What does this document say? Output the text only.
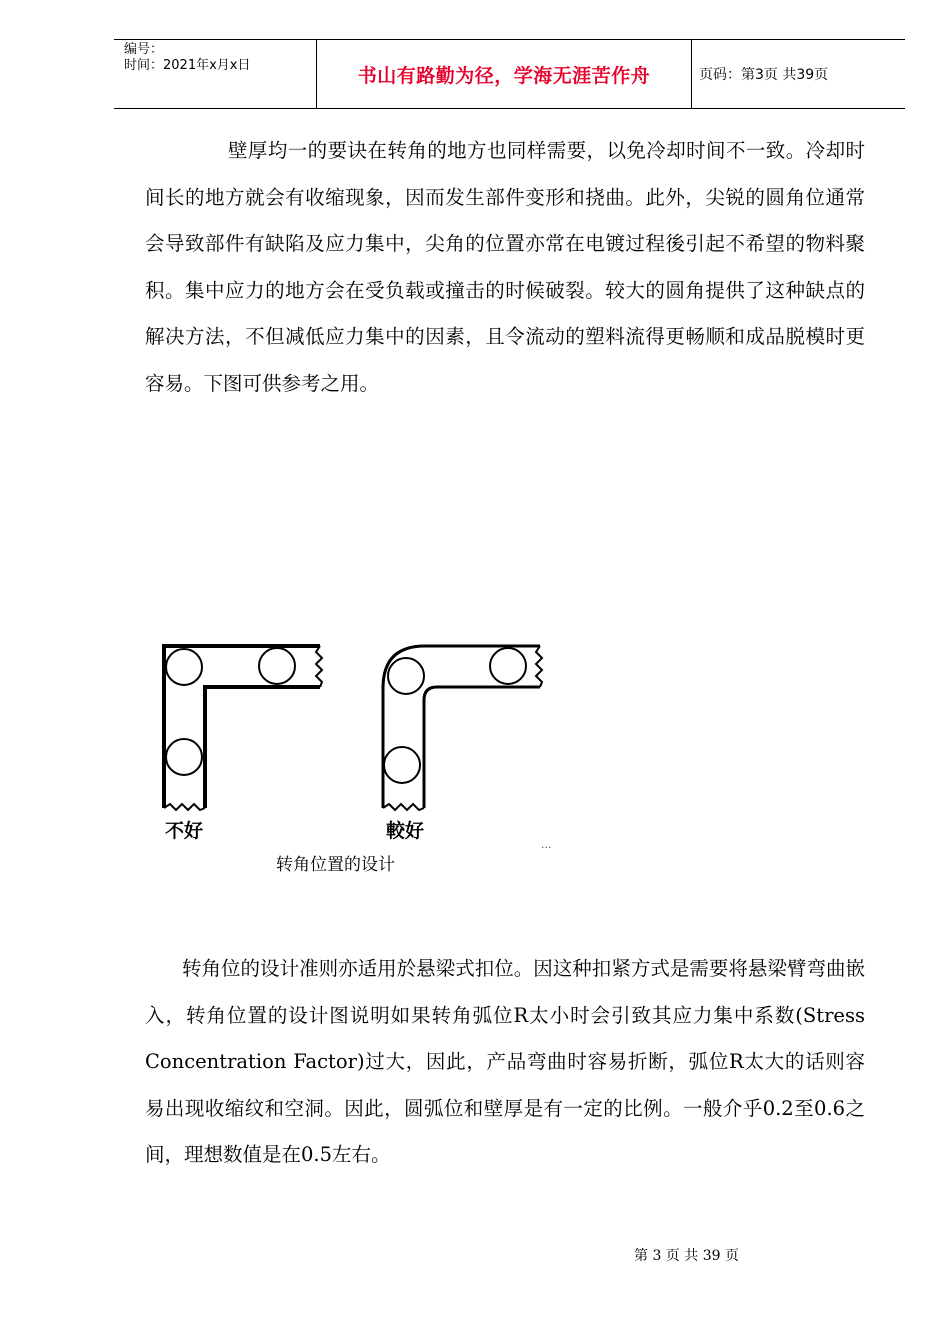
编号：
时间：2021年x月x日	书山有路勤为径，学海无涯苦作舟	页码：第3页 共39页
壁厚均一的要诀在转角的地方也同样需要，以免冷却时间不一致。冷却时间长的地方就会有收缩现象，因而发生部件变形和挠曲。此外，尖锐的圆角位通常会导致部件有缺陷及应力集中，尖角的位置亦常在电镀过程後引起不希望的物料聚积。集中应力的地方会在受负载或撞击的时候破裂。较大的圆角提供了这种缺点的解决方法，不但减低应力集中的因素，且令流动的塑料流得更畅顺和成品脱模时更容易。下图可供参考之用。
不好	較好
转角位置的设计
...
转角位的设计准则亦适用於悬梁式扣位。因这种扣紧方式是需要将悬梁臂弯曲嵌入，转角位置的设计图说明如果转角弧位R太小时会引致其应力集中系数(Stress Concentration Factor)过大，因此，产品弯曲时容易折断，弧位R太大的话则容易出现收缩纹和空洞。因此，圆弧位和壁厚是有一定的比例。一般介乎0.2至0.6之间，理想数值是在0.5左右。
第 3 页 共 39 页
